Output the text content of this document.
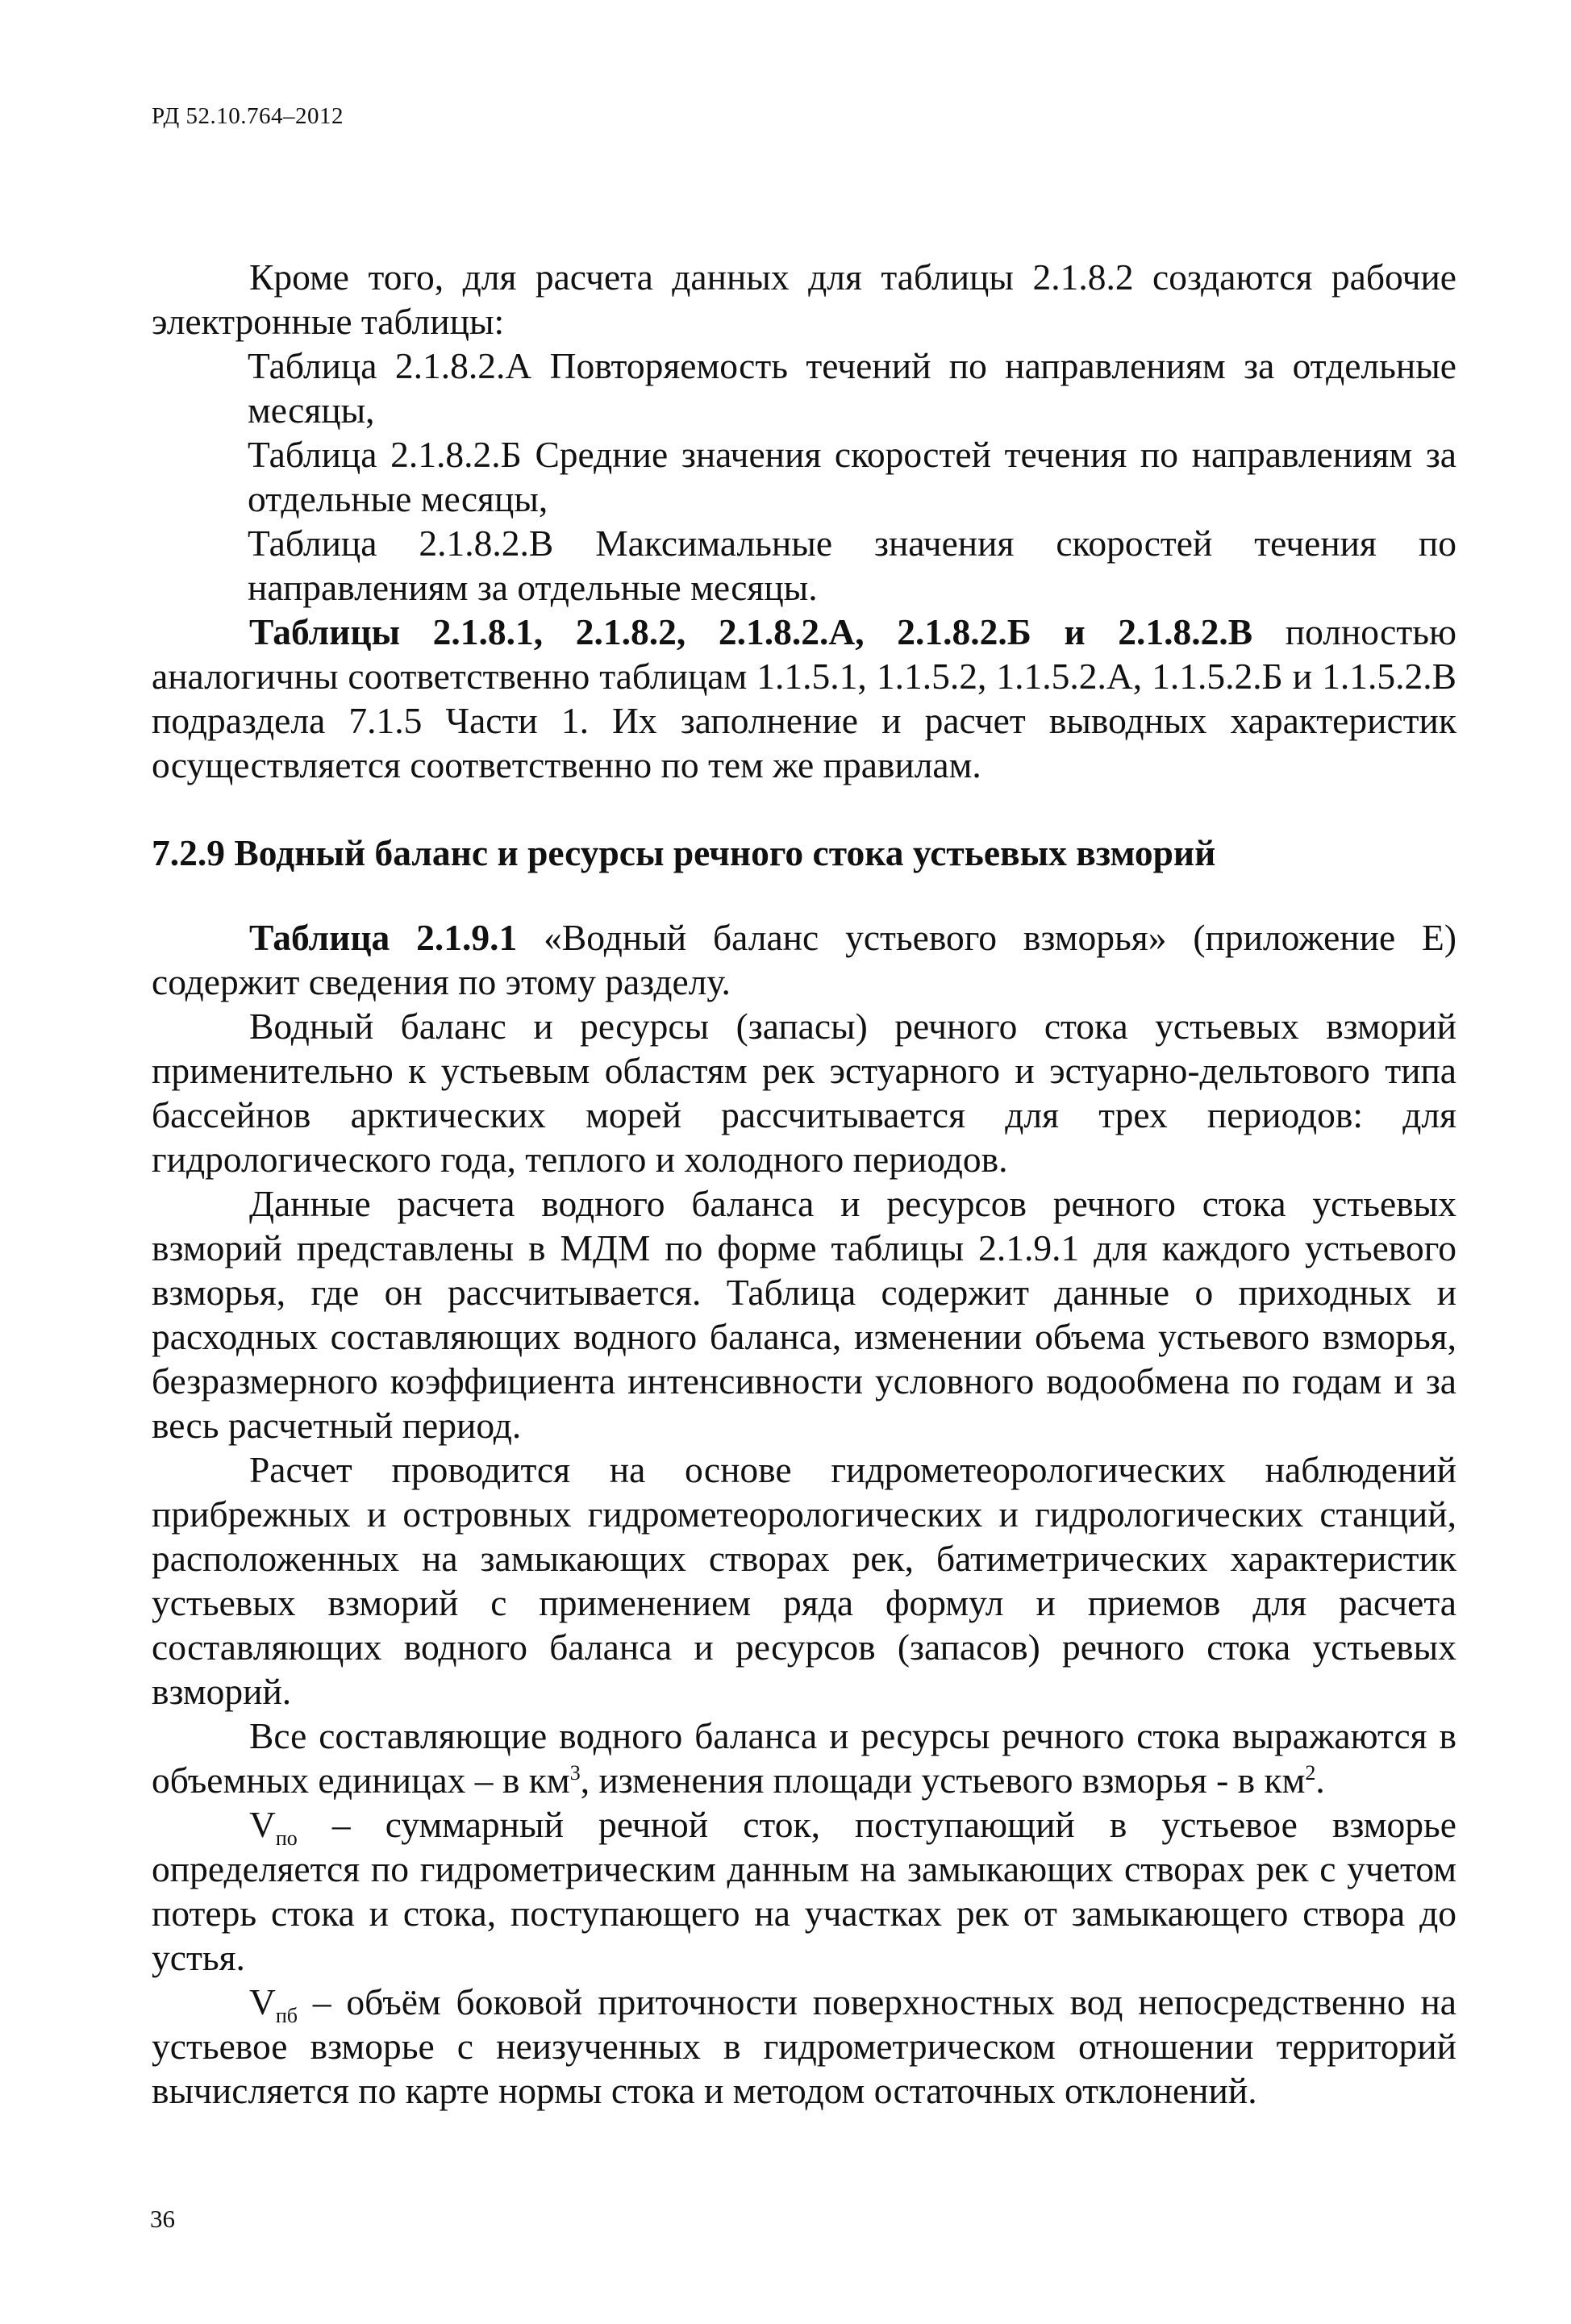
РД 52.10.764–2012

Кроме того, для расчета данных для таблицы 2.1.8.2 создаются рабочие электронные таблицы:

Таблица 2.1.8.2.А Повторяемость течений по направлениям за отдельные месяцы,

Таблица 2.1.8.2.Б Средние значения скоростей течения по направлениям за отдельные месяцы,

Таблица 2.1.8.2.В Максимальные значения скоростей течения по направлениям за отдельные месяцы.

Таблицы 2.1.8.1, 2.1.8.2, 2.1.8.2.А, 2.1.8.2.Б и 2.1.8.2.В полностью аналогичны соответственно таблицам 1.1.5.1, 1.1.5.2, 1.1.5.2.А, 1.1.5.2.Б и 1.1.5.2.В подраздела 7.1.5 Части 1. Их заполнение и расчет выводных характеристик осуществляется соответственно по тем же правилам.

7.2.9 Водный баланс и ресурсы речного стока устьевых взморий

Таблица 2.1.9.1 «Водный баланс устьевого взморья» (приложение Е) содержит сведения по этому разделу.

Водный баланс и ресурсы (запасы) речного стока устьевых взморий применительно к устьевым областям рек эстуарного и эстуарно-дельтового типа бассейнов арктических морей рассчитывается для трех периодов: для гидрологического года, теплого и холодного периодов.

Данные расчета водного баланса и ресурсов речного стока устьевых взморий представлены в МДМ по форме таблицы 2.1.9.1 для каждого устьевого взморья, где он рассчитывается. Таблица содержит данные о приходных и расходных составляющих водного баланса, изменении объема устьевого взморья, безразмерного коэффициента интенсивности условного водообмена по годам и за весь расчетный период.

Расчет проводится на основе гидрометеорологических наблюдений прибрежных и островных гидрометеорологических и гидрологических станций, расположенных на замыкающих створах рек, батиметрических характеристик устьевых взморий с применением ряда формул и приемов для расчета составляющих водного баланса и ресурсов (запасов) речного стока устьевых взморий.

Все составляющие водного баланса и ресурсы речного стока выражаются в объемных единицах – в $км^3$, изменения площади устьевого взморья - в $км^2$.

$V_{по}$ – суммарный речной сток, поступающий в устьевое взморье определяется по гидрометрическим данным на замыкающих створах рек с учетом потерь стока и стока, поступающего на участках рек от замыкающего створа до устья.

$V_{пб}$ – объём боковой приточности поверхностных вод непосредственно на устьевое взморье с неизученных в гидрометрическом отношении территорий вычисляется по карте нормы стока и методом остаточных отклонений.

36
